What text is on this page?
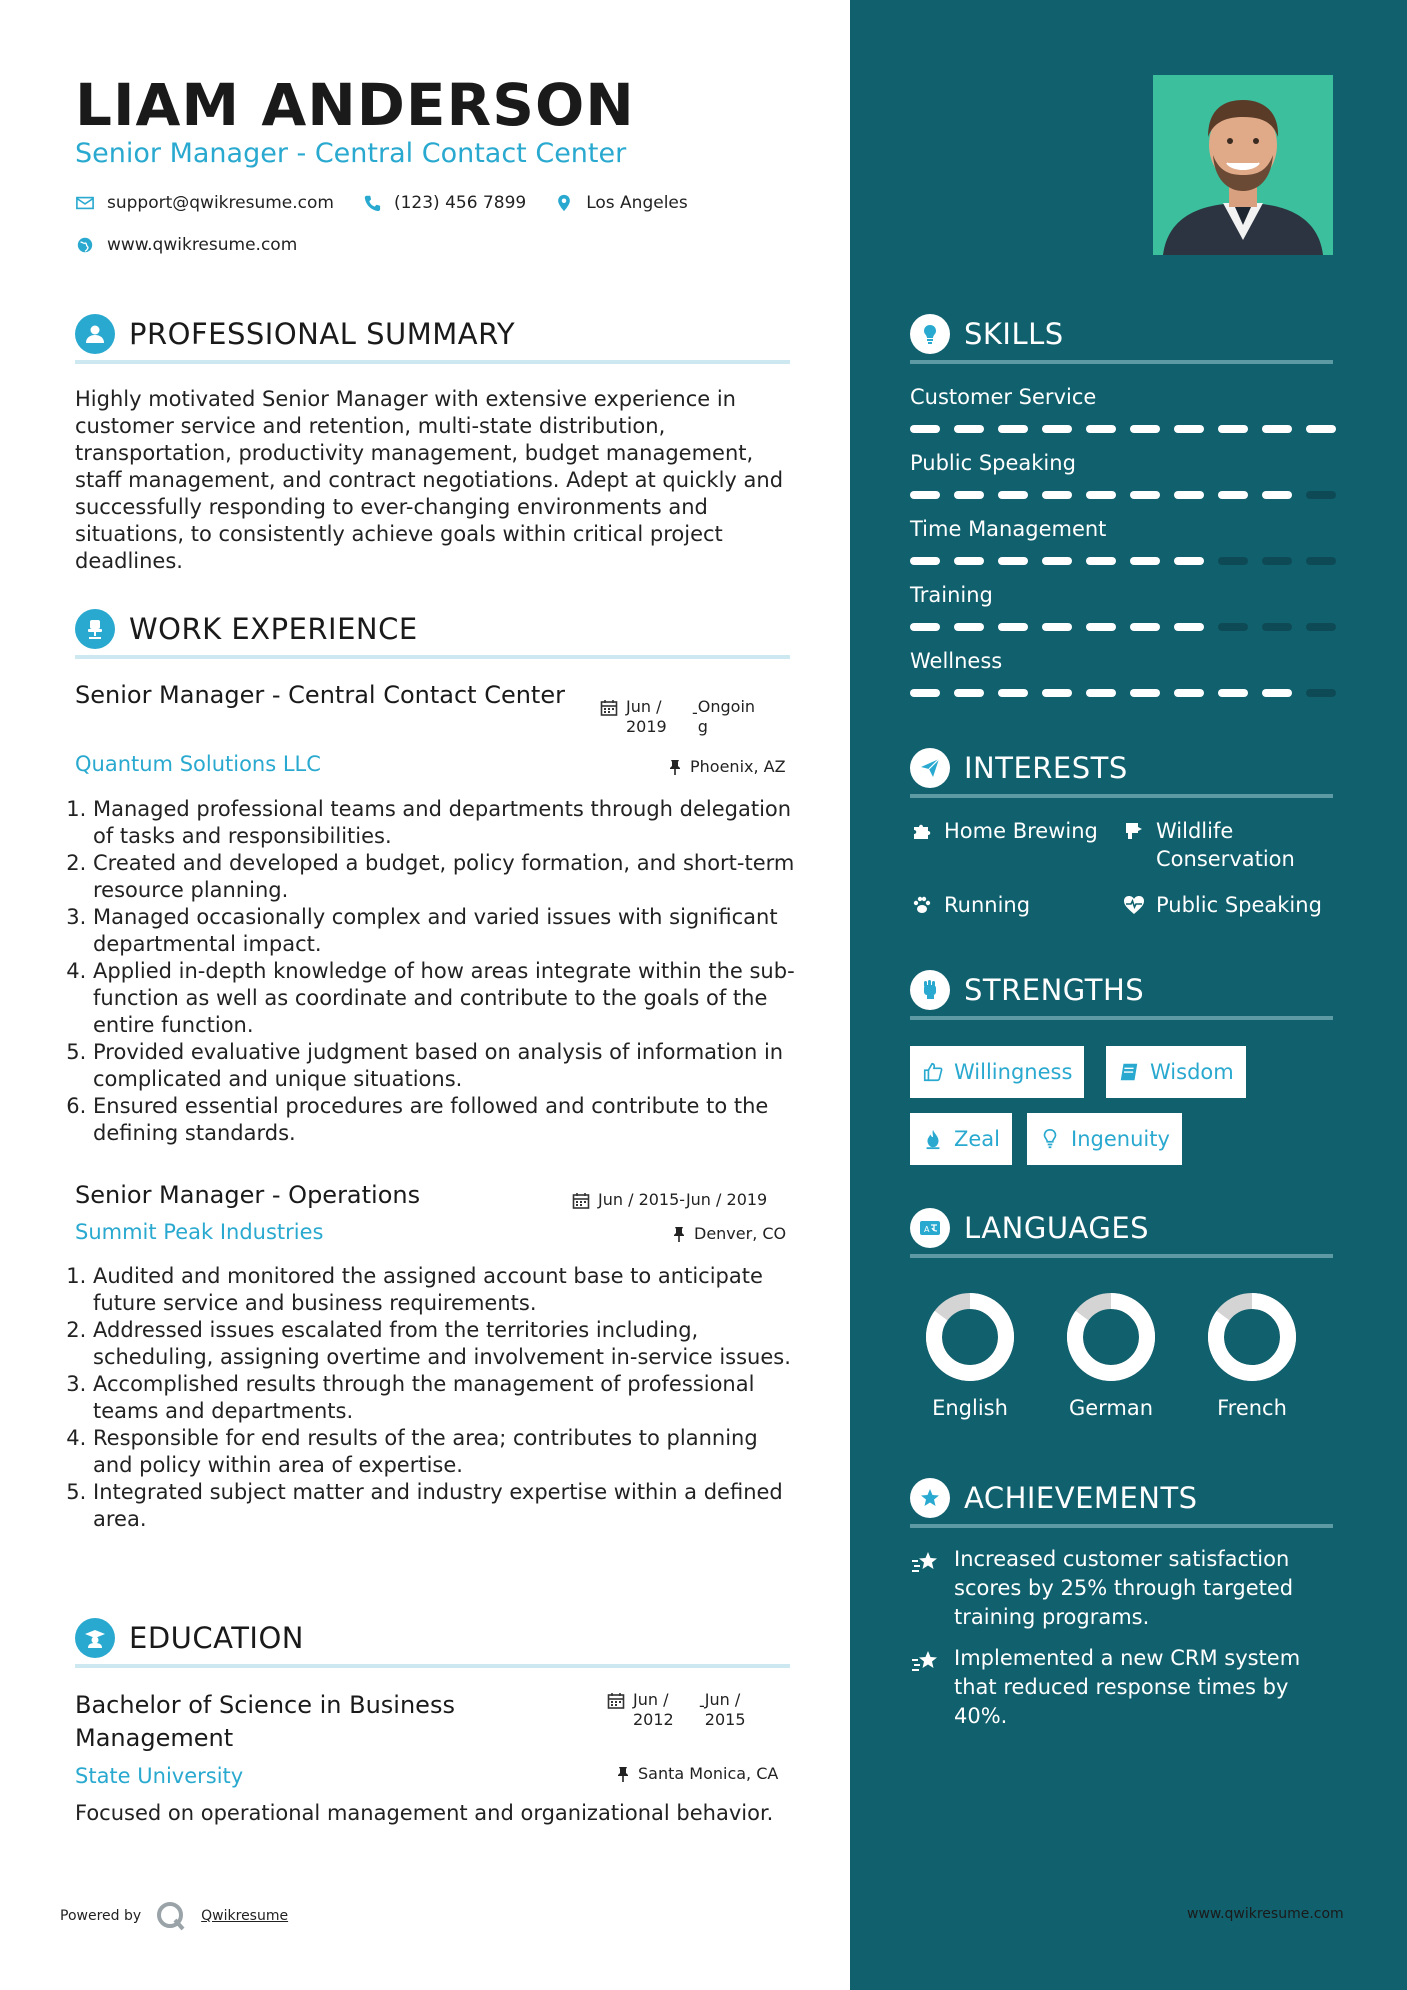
LIAM ANDERSON
Senior Manager - Central Contact Center
support@qwikresume.com	(123) 456 7899	Los Angeles
www.qwikresume.com
PROFESSIONAL SUMMARY
Highly motivated Senior Manager with extensive experience in customer service and retention, multi-state distribution, transportation, productivity management, budget management, staff management, and contract negotiations. Adept at quickly and successfully responding to ever-changing environments and situations, to consistently achieve goals within critical project deadlines.
WORK EXPERIENCE
Senior Manager - Central Contact Center	Jun / 2019
- Ongoing
Quantum Solutions LLC	Phoenix, AZ
1. Managed professional teams and departments through delegation of tasks and responsibilities.
2. Created and developed a budget, policy formation, and short-term resource planning.
3. Managed occasionally complex and varied issues with significant departmental impact.
4. Applied in-depth knowledge of how areas integrate within the sub-function as well as coordinate and contribute to the goals of the entire function.
5. Provided evaluative judgment based on analysis of information in complicated and unique situations.
6. Ensured essential procedures are followed and contribute to the defining standards.
Senior Manager - Operations	Jun / 2015-Jun / 2019
Summit Peak Industries	Denver, CO
1. Audited and monitored the assigned account base to anticipate future service and business requirements.
2. Addressed issues escalated from the territories including, scheduling, assigning overtime and involvement in-service issues.
3. Accomplished results through the management of professional teams and departments.
4. Responsible for end results of the area; contributes to planning and policy within area of expertise.
5. Integrated subject matter and industry expertise within a defined area.
EDUCATION
Bachelor of Science in Business Management
Jun / 2012
- Jun / 2015
State University	Santa Monica, CA
Focused on operational management and organizational behavior.
SKILLS
Customer Service
Public Speaking
Time Management
Training
Wellness
INTERESTS
Home Brewing	Wildlife Conservation
Running	Public Speaking
STRENGTHS
Willingness	Wisdom
Zeal	Ingenuity
A LANGUAGES
English	German	French
ACHIEVEMENTS
Increased customer satisfaction scores by 25% through targeted training programs.
Implemented a new CRM system that reduced response times by 40%.
Powered by	Qwikresume	www.qwikresume.com
